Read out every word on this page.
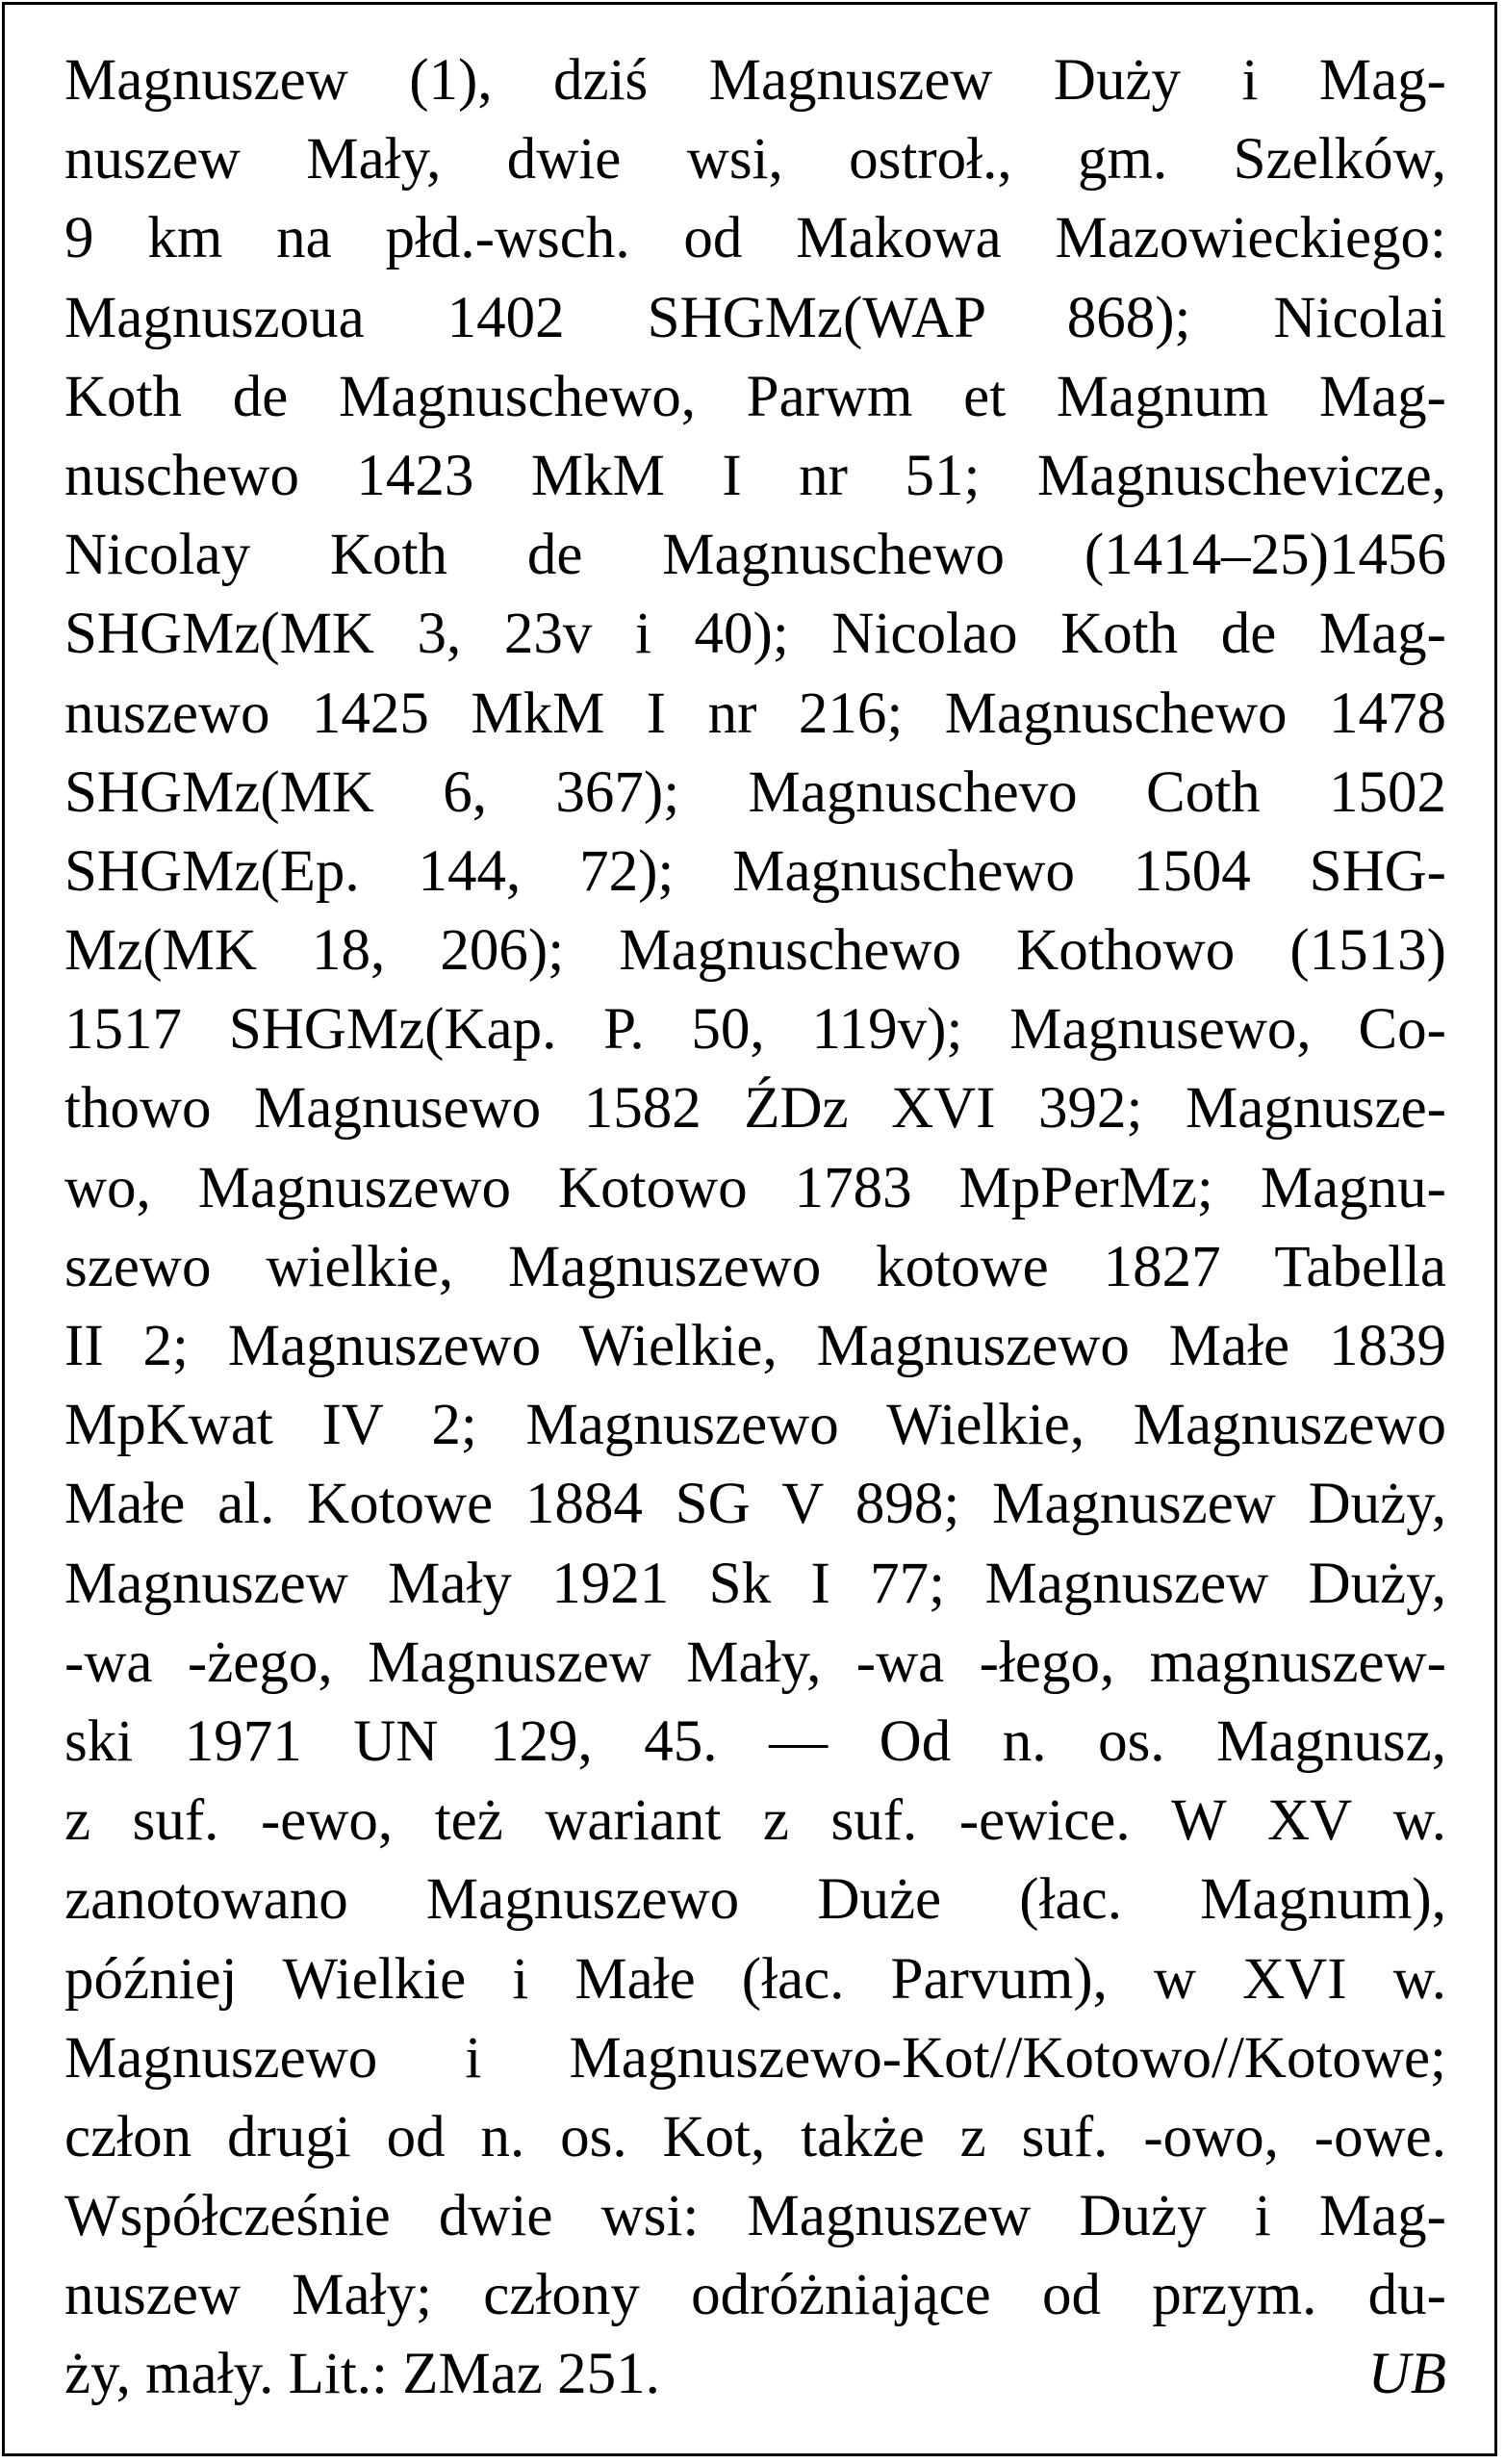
Magnuszew (1), dziś Magnuszew Duży i Mag-
nuszew Mały, dwie wsi, ostroł., gm. Szelków,
9 km na płd.-wsch. od Makowa Mazowieckiego:
Magnuszoua 1402 SHGMz(WAP 868); Nicolai
Koth de Magnuschewo, Parwm et Magnum Mag-
nuschewo 1423 MkM I nr 51; Magnuschevicze,
Nicolay Koth de Magnuschewo (1414–25)1456
SHGMz(MK 3, 23v i 40); Nicolao Koth de Mag-
nuszewo 1425 MkM I nr 216; Magnuschewo 1478
SHGMz(MK 6, 367); Magnuschevo Coth 1502
SHGMz(Ep. 144, 72); Magnuschewo 1504 SHG-
Mz(MK 18, 206); Magnuschewo Kothowo (1513)
1517 SHGMz(Kap. P. 50, 119v); Magnusewo, Co-
thowo Magnusewo 1582 ŹDz XVI 392; Magnusze-
wo, Magnuszewo Kotowo 1783 MpPerMz; Magnu-
szewo wielkie, Magnuszewo kotowe 1827 Tabella
II 2; Magnuszewo Wielkie, Magnuszewo Małe 1839
MpKwat IV 2; Magnuszewo Wielkie, Magnuszewo
Małe al. Kotowe 1884 SG V 898; Magnuszew Duży,
Magnuszew Mały 1921 Sk I 77; Magnuszew Duży,
-wa -żego, Magnuszew Mały, -wa -łego, magnuszew-
ski 1971 UN 129, 45. — Od n. os. Magnusz,
z suf. -ewo, też wariant z suf. -ewice. W XV w.
zanotowano Magnuszewo Duże (łac. Magnum),
później Wielkie i Małe (łac. Parvum), w XVI w.
Magnuszewo i Magnuszewo-Kot//Kotowo//Kotowe;
człon drugi od n. os. Kot, także z suf. -owo, -owe.
Współcześnie dwie wsi: Magnuszew Duży i Mag-
nuszew Mały; człony odróżniające od przym. du-
ży, mały. Lit.: ZMaz 251.	UB
